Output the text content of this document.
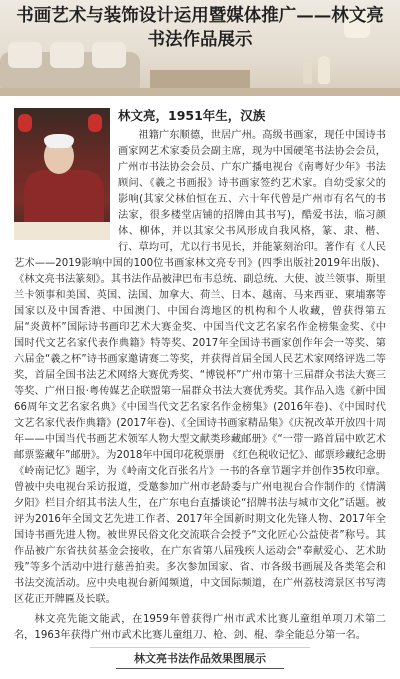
书画艺术与装饰设计运用暨媒体推广——林文亮
书法作品展示
林文亮，1951年生，汉族

祖籍广东顺德，世居广州。高级书画家，现任中国诗书画家网艺术家委员会副主席，现为中国硬笔书法协会会员，广州市书法协会会员、广东广播电视台《南粤好少年》书法顾问、《羲之书画报》诗书画家签约艺术家。自幼受家父的影响(其家父林伯恒在五、六十年代曾是广州市有名气的书法家，很多楼堂店铺的招牌由其书写)，酷爱书法，临习颜体、柳体，并以其家父书风形成自我风格，篆、隶、楷、行、草均可，尤以行书见长，并能篆刻治印。著作有《人民艺术——2019影响中国的100位书画家林文亮专刊》(四季出版社2019年出版)、《林文亮书法篆刻》。其书法作品被津巴布韦总统、副总统、大使、波兰领事、斯里兰卡领事和美国、英国、法国、加拿大、荷兰、日本、越南、马来西亚、柬埔寨等国家以及中国香港、中国澳门、中国台湾地区的机构和个人收藏，曾获得第五届“炎黄杯”国际诗书画印艺术大赛金奖、中国当代文艺名家名作金榜集金奖、《中国时代文艺名家代表作典籍》特等奖、2017年全国诗书画家创作年会一等奖、第六届金“羲之杯”诗书画家邀请赛二等奖，并获得首届全国人民艺术家网络评选二等奖，首届全国书法艺术网络大赛优秀奖、“博锐杯”广州市第十三届群众书法大赛三等奖、广州日报·粤传媒艺企联盟第一届群众书法大赛优秀奖。其作品入选《新中国66周年文艺名家名典》《中国当代文艺名家名作金榜集》(2016年卷)、《中国时代文艺名家代表作典籍》(2017年卷)、《全国诗书画家精品集》《庆祝改革开放四十周年——中国当代书画艺术领军人物大型文献类珍藏邮册》《“一带一路首届中欧艺术邮票鉴藏年”邮册》。为2018年中国印花税票册 《红色税收记忆》、邮票珍藏纪念册《岭南记忆》题字，为《岭南文化百张名片》一书的各章节题字并创作35枚印章。曾被中央电视台采访报道，受邀参加广州市老龄委与广州电视台合作制作的《情满夕阳》栏目介绍其书法人生，在广东电台直播谈论“招牌书法与城市文化”话题。被评为2016年全国文艺先进工作者、2017年全国新时期文化先锋人物、2017年全国诗书画先进人物。被世界民俗文化交流联合会授予“文化匠心公益使者”称号。其作品被广东省扶贫基金会接收，在广东省第八届残疾人运动会“奉献爱心、艺术助残”等多个活动中进行慈善拍卖。多次参加国家、省、市各级书画展及各类笔会和书法交流活动。应中央电视台新闻频道，中文国际频道，在广州荔枝湾景区书写湾区花正开牌匾及长联。

林文亮先能文能武，在1959年曾获得广州市武术比赛儿童组单项刀术第二名，1963年获得广州市武术比赛儿童组刀、枪、剑、棍、拳全能总分第一名。

林文亮书法作品效果图展示
